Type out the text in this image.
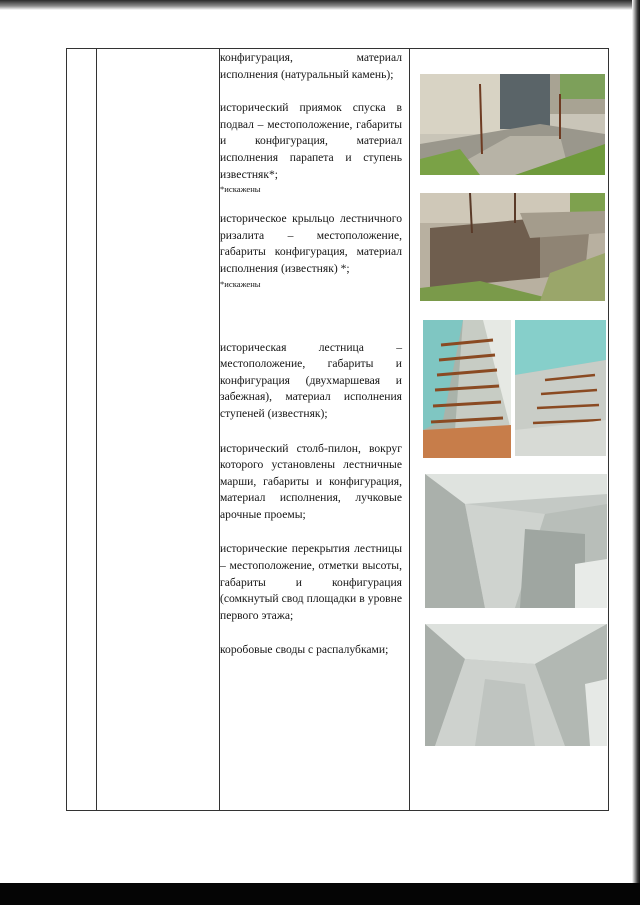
конфигурация, материал исполнения (натуральный камень);

исторический приямок спуска в подвал – местоположение, габариты и конфигурация, материал исполнения парапета и ступень известняк*;

*искажены

историческое крыльцо лестничного ризалита – местоположение, габариты конфигурация, материал исполнения (известняк) *;

*искажены

историческая лестница – местоположение, габариты и конфигурация (двухмаршевая и забежная), материал исполнения ступеней (известняк);

исторический столб-пилон, вокруг которого установлены лестничные марши, габариты и конфигурация, материал исполнения, лучковые арочные проемы;

исторические перекрытия лестницы – местоположение, отметки высоты, габариты и конфигурация (сомкнутый свод площадки в уровне первого этажа;

коробовые своды с распалубками;
